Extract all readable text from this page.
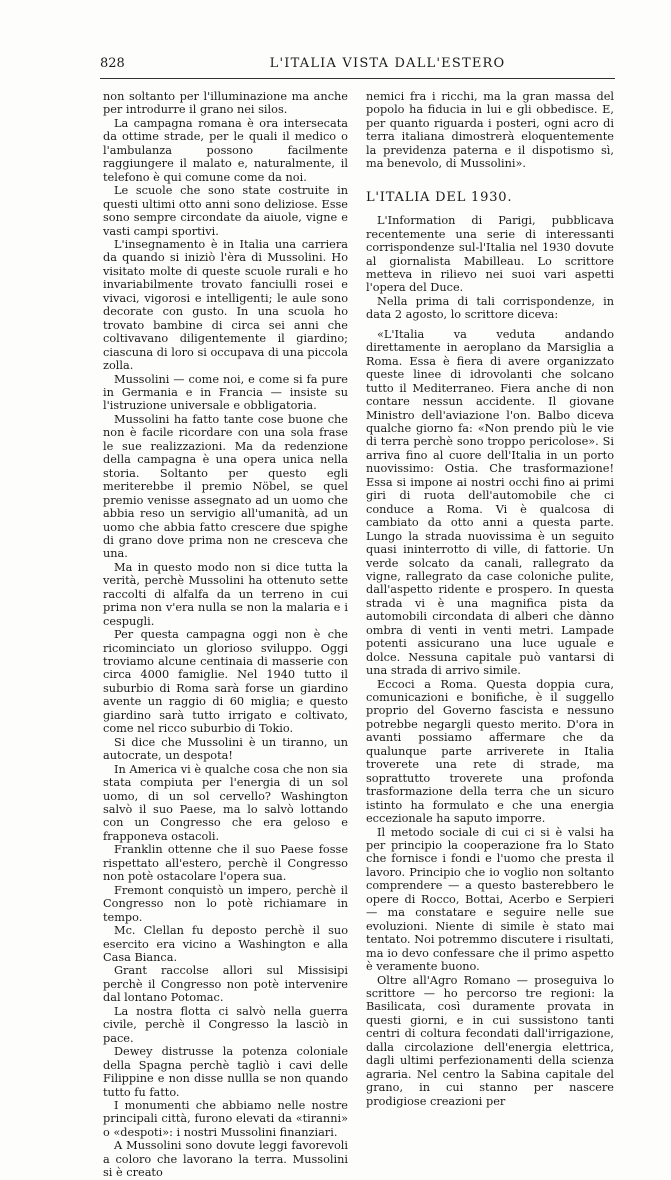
828	L'ITALIA VISTA DALL'ESTERO

non soltanto per l'illuminazione ma anche per introdurre il grano nei silos.

La campagna romana è ora intersecata da ottime strade, per le quali il medico o l'ambulanza possono facilmente raggiungere il malato e, naturalmente, il telefono è qui comune come da noi.

Le scuole che sono state costruite in questi ultimi otto anni sono deliziose. Esse sono sempre circondate da aiuole, vigne e vasti campi sportivi.

L'insegnamento è in Italia una carriera da quando si iniziò l'èra di Mussolini. Ho visitato molte di queste scuole rurali e ho invariabilmente trovato fanciulli rosei e vivaci, vigorosi e intelligenti; le aule sono decorate con gusto. In una scuola ho trovato bambine di circa sei anni che coltivavano diligentemente il giardino; ciascuna di loro si occupava di una piccola zolla.

Mussolini — come noi, e come si fa pure in Germania e in Francia — insiste su l'istruzione universale e obbligatoria.

Mussolini ha fatto tante cose buone che non è facile ricordare con una sola frase le sue realizzazioni. Ma da redenzione della campagna è una opera unica nella storia. Soltanto per questo egli meriterebbe il premio Nöbel, se quel premio venisse assegnato ad un uomo che abbia reso un servigio all'umanità, ad un uomo che abbia fatto crescere due spighe di grano dove prima non ne cresceva che una.

Ma in questo modo non si dice tutta la verità, perchè Mussolini ha ottenuto sette raccolti di alfalfa da un terreno in cui prima non v'era nulla se non la malaria e i cespugli.

Per questa campagna oggi non è che ricominciato un glorioso sviluppo. Oggi troviamo alcune centinaia di masserie con circa 4000 famiglie. Nel 1940 tutto il suburbio di Roma sarà forse un giardino avente un raggio di 60 miglia; e questo giardino sarà tutto irrigato e coltivato, come nel ricco suburbio di Tokio.

Si dice che Mussolini è un tiranno, un autocrate, un despota!

In America vi è qualche cosa che non sia stata compiuta per l'energia di un sol uomo, di un sol cervello? Washington salvò il suo Paese, ma lo salvò lottando con un Congresso che era geloso e frapponeva ostacoli.

Franklin ottenne che il suo Paese fosse rispettato all'estero, perchè il Congresso non potè ostacolare l'opera sua.

Fremont conquistò un impero, perchè il Congresso non lo potè richiamare in tempo.

Mc. Clellan fu deposto perchè il suo esercito era vicino a Washington e alla Casa Bianca.

Grant raccolse allori sul Missisipi perchè il Congresso non potè intervenire dal lontano Potomac.

La nostra flotta ci salvò nella guerra civile, perchè il Congresso la lasciò in pace.

Dewey distrusse la potenza coloniale della Spagna perchè tagliò i cavi delle Filippine e non disse nullla se non quando tutto fu fatto.

I monumenti che abbiamo nelle nostre principali città, furono elevati da «tiranni» o «despoti»: i nostri Mussolini finanziari.

A Mussolini sono dovute leggi favorevoli a coloro che lavorano la terra. Mussolini si è creato

nemici fra i ricchi, ma la gran massa del popolo ha fiducia in lui e gli obbedisce. E, per quanto riguarda i posteri, ogni acro di terra italiana dimostrerà eloquentemente la previdenza paterna e il dispotismo sì, ma benevolo, di Mussolini».

L'ITALIA DEL 1930.

L'Information di Parigi, pubblicava recentemente una serie di interessanti corrispondenze sul-l'Italia nel 1930 dovute al giornalista Mabilleau. Lo scrittore metteva in rilievo nei suoi vari aspetti l'opera del Duce.

Nella prima di tali corrispondenze, in data 2 agosto, lo scrittore diceva:

«L'Italia va veduta andando direttamente in aeroplano da Marsiglia a Roma. Essa è fiera di avere organizzato queste linee di idrovolanti che solcano tutto il Mediterraneo. Fiera anche di non contare nessun accidente. Il giovane Ministro dell'aviazione l'on. Balbo diceva qualche giorno fa: «Non prendo più le vie di terra perchè sono troppo pericolose». Si arriva fino al cuore dell'Italia in un porto nuovissimo: Ostia. Che trasformazione! Essa si impone ai nostri occhi fino ai primi giri di ruota dell'automobile che ci conduce a Roma. Vi è qualcosa di cambiato da otto anni a questa parte. Lungo la strada nuovissima è un seguito quasi ininterrotto di ville, di fattorie. Un verde solcato da canali, rallegrato da vigne, rallegrato da case coloniche pulite, dall'aspetto ridente e prospero. In questa strada vi è una magnifica pista da automobili circondata di alberi che dànno ombra di venti in venti metri. Lampade potenti assicurano una luce uguale e dolce. Nessuna capitale può vantarsi di una strada di arrivo simile.

Eccoci a Roma. Questa doppia cura, comunicazioni e bonifiche, è il suggello proprio del Governo fascista e nessuno potrebbe negargli questo merito. D'ora in avanti possiamo affermare che da qualunque parte arriverete in Italia troverete una rete di strade, ma soprattutto troverete una profonda trasformazione della terra che un sicuro istinto ha formulato e che una energia eccezionale ha saputo imporre.

Il metodo sociale di cui ci si è valsi ha per principio la cooperazione fra lo Stato che fornisce i fondi e l'uomo che presta il lavoro. Principio che io voglio non soltanto comprendere — a questo basterebbero le opere di Rocco, Bottai, Acerbo e Serpieri — ma constatare e seguire nelle sue evoluzioni. Niente di simile è stato mai tentato. Noi potremmo discutere i risultati, ma io devo confessare che il primo aspetto è veramente buono.

Oltre all'Agro Romano — proseguiva lo scrittore — ho percorso tre regioni: la Basilicata, così duramente provata in questi giorni, e in cui sussistono tanti centri di coltura fecondati dall'irrigazione, dalla circolazione dell'energia elettrica, dagli ultimi perfezionamenti della scienza agraria. Nel centro la Sabina capitale del grano, in cui stanno per nascere prodigiose creazioni per
